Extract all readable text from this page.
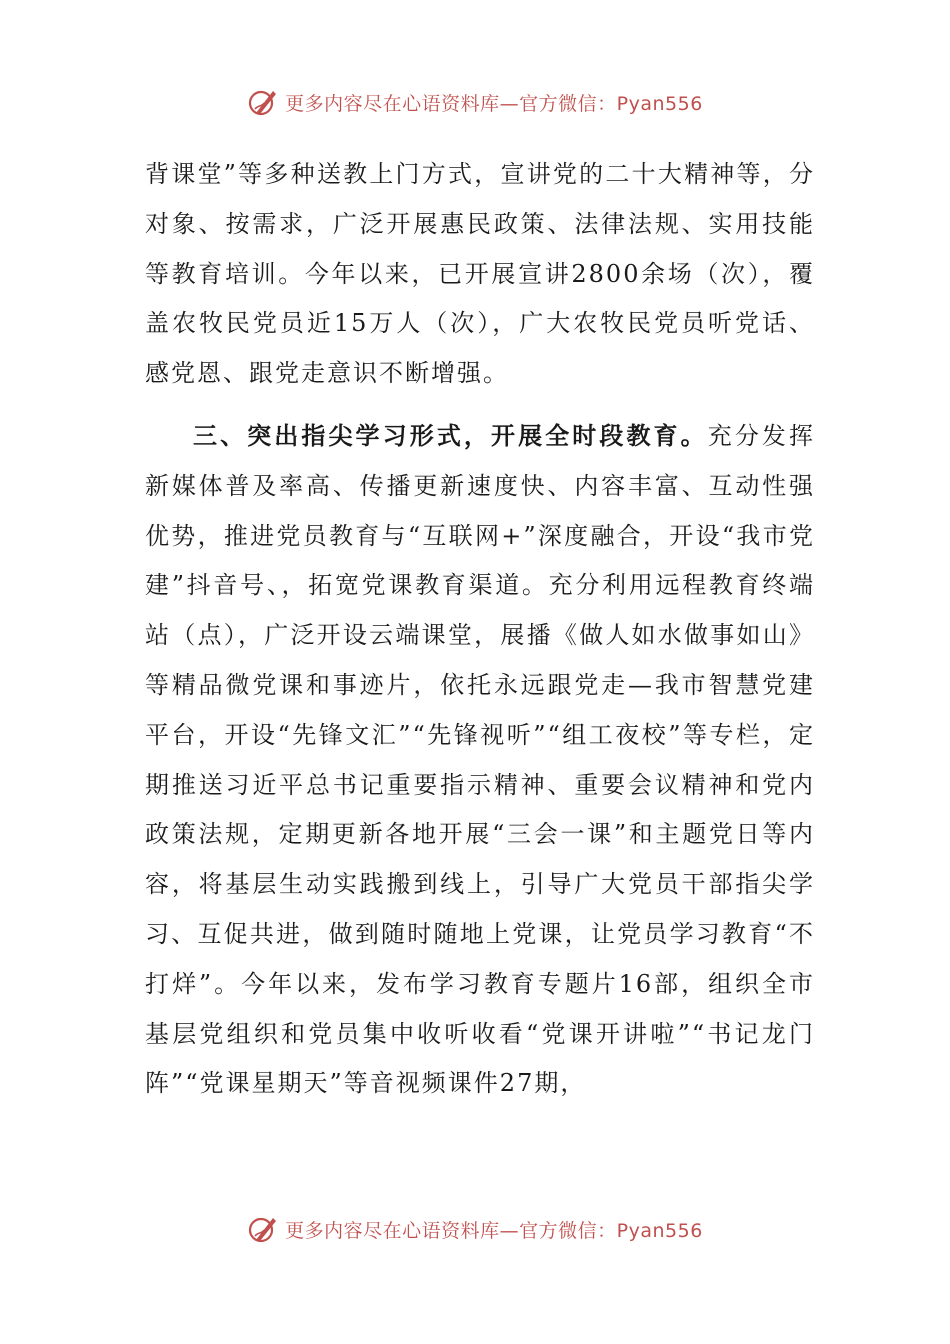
更多内容尽在心语资料库—官方微信：Pyan556

背课堂”等多种送教上门方式，宣讲党的二十大精神等，分对象、按需求，广泛开展惠民政策、法律法规、实用技能等教育培训。今年以来，已开展宣讲2800余场（次），覆盖农牧民党员近15万人（次），广大农牧民党员听党话、感党恩、跟党走意识不断增强。

三、突出指尖学习形式，开展全时段教育。充分发挥新媒体普及率高、传播更新速度快、内容丰富、互动性强优势，推进党员教育与“互联网+”深度融合，开设“我市党建”抖音号、，拓宽党课教育渠道。充分利用远程教育终端站（点），广泛开设云端课堂，展播《做人如水做事如山》等精品微党课和事迹片，依托永远跟党走—我市智慧党建平台，开设“先锋文汇”“先锋视听”“组工夜校”等专栏，定期推送习近平总书记重要指示精神、重要会议精神和党内政策法规，定期更新各地开展“三会一课”和主题党日等内容，将基层生动实践搬到线上，引导广大党员干部指尖学习、互促共进，做到随时随地上党课，让党员学习教育“不打烊”。今年以来，发布学习教育专题片16部，组织全市基层党组织和党员集中收听收看“党课开讲啦”“书记龙门阵”“党课星期天”等音视频课件27期，

更多内容尽在心语资料库—官方微信：Pyan556
